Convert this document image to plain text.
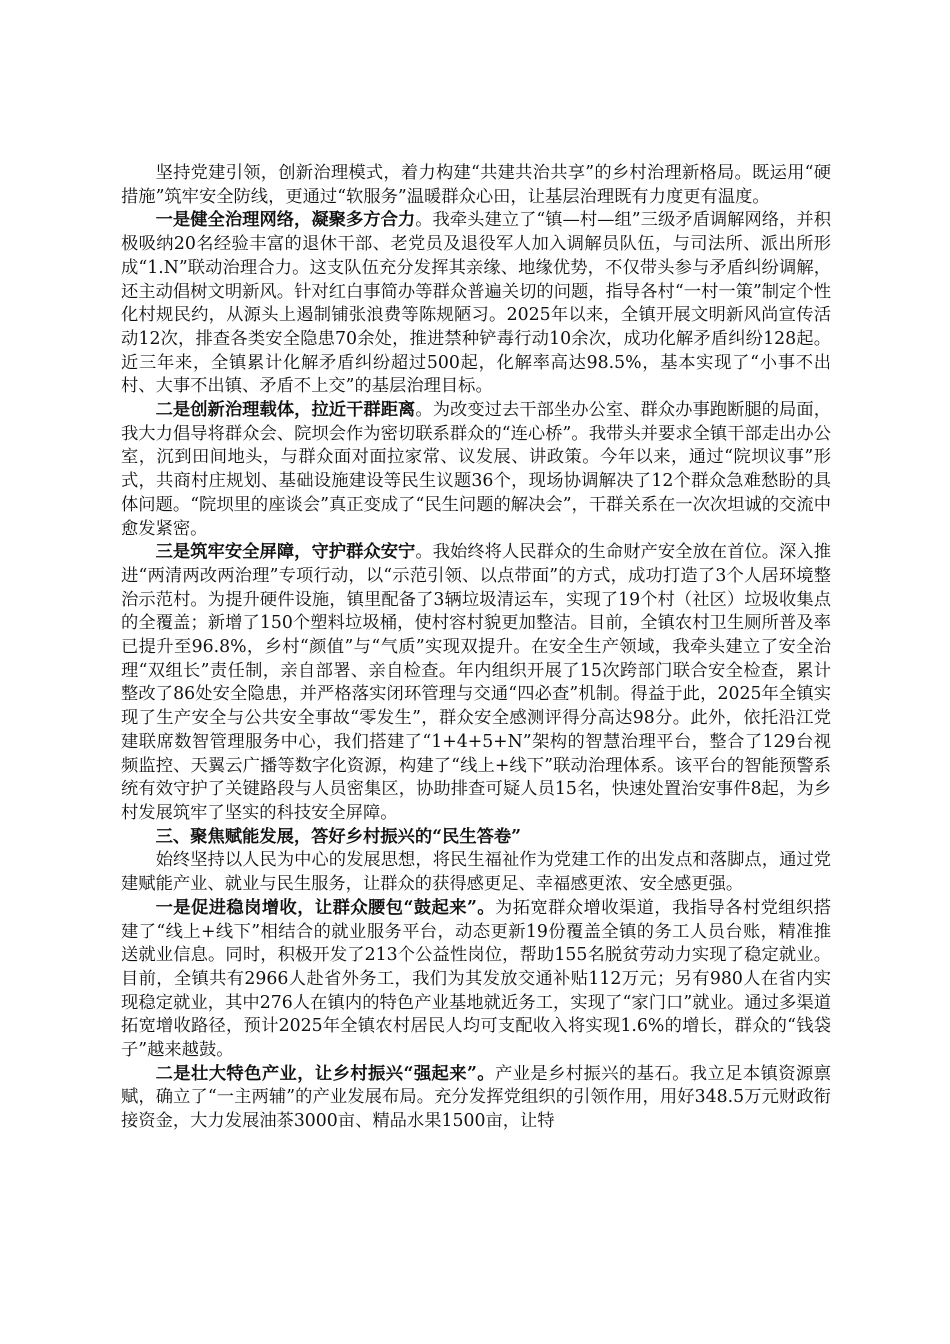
坚持党建引领，创新治理模式，着力构建“共建共治共享”的乡村治理新格局。既运用“硬措施”筑牢安全防线，更通过“软服务”温暖群众心田，让基层治理既有力度更有温度。

一是健全治理网络，凝聚多方合力。我牵头建立了“镇—村—组”三级矛盾调解网络，并积极吸纳20名经验丰富的退休干部、老党员及退役军人加入调解员队伍，与司法所、派出所形成“1.N”联动治理合力。这支队伍充分发挥其亲缘、地缘优势，不仅带头参与矛盾纠纷调解，还主动倡树文明新风。针对红白事简办等群众普遍关切的问题，指导各村“一村一策”制定个性化村规民约，从源头上遏制铺张浪费等陈规陋习。2025年以来，全镇开展文明新风尚宣传活动12次，排查各类安全隐患70余处，推进禁种铲毒行动10余次，成功化解矛盾纠纷128起。近三年来，全镇累计化解矛盾纠纷超过500起，化解率高达98.5%，基本实现了“小事不出村、大事不出镇、矛盾不上交”的基层治理目标。

二是创新治理载体，拉近干群距离。为改变过去干部坐办公室、群众办事跑断腿的局面，我大力倡导将群众会、院坝会作为密切联系群众的“连心桥”。我带头并要求全镇干部走出办公室，沉到田间地头，与群众面对面拉家常、议发展、讲政策。今年以来，通过“院坝议事”形式，共商村庄规划、基础设施建设等民生议题36个，现场协调解决了12个群众急难愁盼的具体问题。“院坝里的座谈会”真正变成了“民生问题的解决会”，干群关系在一次次坦诚的交流中愈发紧密。

三是筑牢安全屏障，守护群众安宁。我始终将人民群众的生命财产安全放在首位。深入推进“两清两改两治理”专项行动，以“示范引领、以点带面”的方式，成功打造了3个人居环境整治示范村。为提升硬件设施，镇里配备了3辆垃圾清运车，实现了19个村（社区）垃圾收集点的全覆盖；新增了150个塑料垃圾桶，使村容村貌更加整洁。目前，全镇农村卫生厕所普及率已提升至96.8%，乡村“颜值”与“气质”实现双提升。在安全生产领域，我牵头建立了安全治理“双组长”责任制，亲自部署、亲自检查。年内组织开展了15次跨部门联合安全检查，累计整改了86处安全隐患，并严格落实闭环管理与交通“四必查”机制。得益于此，2025年全镇实现了生产安全与公共安全事故“零发生”，群众安全感测评得分高达98分。此外，依托沿江党建联席数智管理服务中心，我们搭建了“1+4+5+N”架构的智慧治理平台，整合了129台视频监控、天翼云广播等数字化资源，构建了“线上+线下”联动治理体系。该平台的智能预警系统有效守护了关键路段与人员密集区，协助排查可疑人员15名，快速处置治安事件8起，为乡村发展筑牢了坚实的科技安全屏障。

三、聚焦赋能发展，答好乡村振兴的“民生答卷”

始终坚持以人民为中心的发展思想，将民生福祉作为党建工作的出发点和落脚点，通过党建赋能产业、就业与民生服务，让群众的获得感更足、幸福感更浓、安全感更强。

一是促进稳岗增收，让群众腰包“鼓起来”。为拓宽群众增收渠道，我指导各村党组织搭建了“线上+线下”相结合的就业服务平台，动态更新19份覆盖全镇的务工人员台账，精准推送就业信息。同时，积极开发了213个公益性岗位，帮助155名脱贫劳动力实现了稳定就业。目前，全镇共有2966人赴省外务工，我们为其发放交通补贴112万元；另有980人在省内实现稳定就业，其中276人在镇内的特色产业基地就近务工，实现了“家门口”就业。通过多渠道拓宽增收路径，预计2025年全镇农村居民人均可支配收入将实现1.6%的增长，群众的“钱袋子”越来越鼓。

二是壮大特色产业，让乡村振兴“强起来”。产业是乡村振兴的基石。我立足本镇资源禀赋，确立了“一主两辅”的产业发展布局。充分发挥党组织的引领作用，用好348.5万元财政衔接资金，大力发展油茶3000亩、精品水果1500亩，让特
